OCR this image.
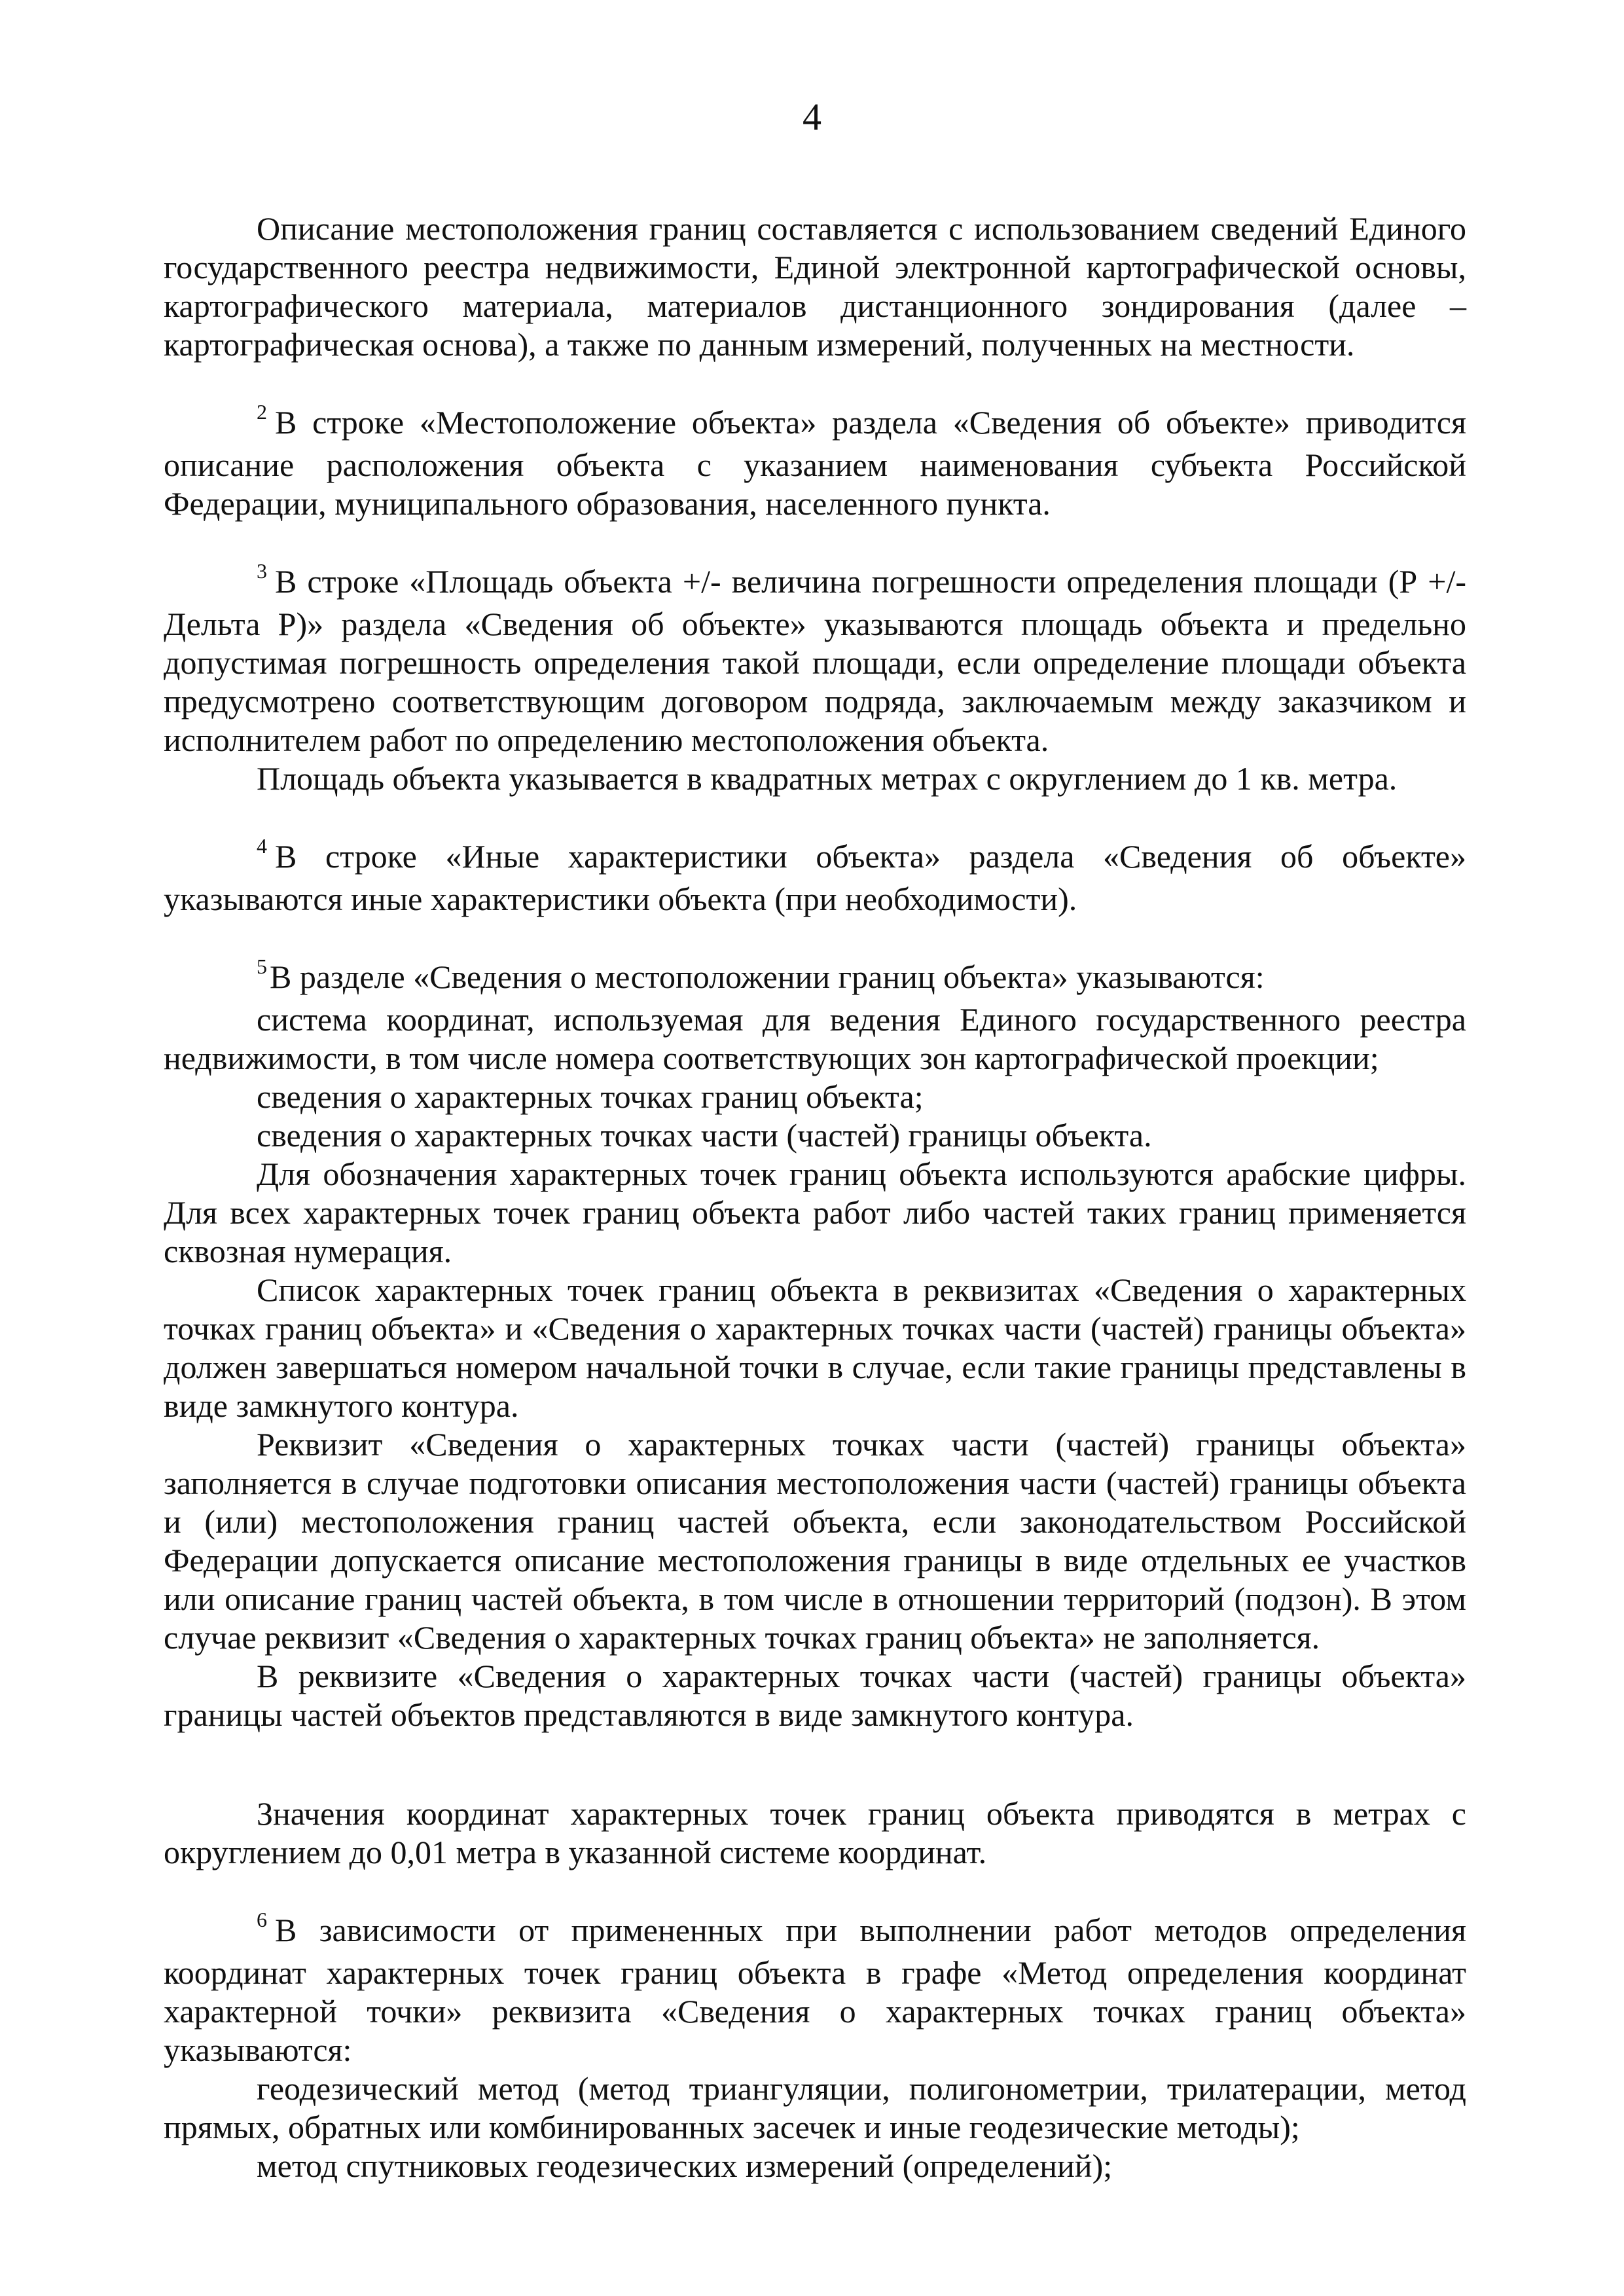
4

Описание местоположения границ составляется с использованием сведений Единого государственного реестра недвижимости, Единой электронной картографической основы, картографического материала, материалов дистанционного зондирования (далее – картографическая основа), а также по данным измерений, полученных на местности.

$^2$ В строке «Местоположение объекта» раздела «Сведения об объекте» приводится описание расположения объекта с указанием наименования субъекта Российской Федерации, муниципального образования, населенного пункта.

$^3$ В строке «Площадь объекта +/- величина погрешности определения площади (Р +/- Дельта Р)» раздела «Сведения об объекте» указываются площадь объекта и предельно допустимая погрешность определения такой площади, если определение площади объекта предусмотрено соответствующим договором подряда, заключаемым между заказчиком и исполнителем работ по определению местоположения объекта.

Площадь объекта указывается в квадратных метрах с округлением до 1 кв. метра.

$^4$ В строке «Иные характеристики объекта» раздела «Сведения об объекте» указываются иные характеристики объекта (при необходимости).

$^5$В разделе «Сведения о местоположении границ объекта» указываются:

система координат, используемая для ведения Единого государственного реестра недвижимости, в том числе номера соответствующих зон картографической проекции;

сведения о характерных точках границ объекта;

сведения о характерных точках части (частей) границы объекта.

Для обозначения характерных точек границ объекта используются арабские цифры. Для всех характерных точек границ объекта работ либо частей таких границ применяется сквозная нумерация.

Список характерных точек границ объекта в реквизитах «Сведения о характерных точках границ объекта» и «Сведения о характерных точках части (частей) границы объекта» должен завершаться номером начальной точки в случае, если такие границы представлены в виде замкнутого контура.

Реквизит «Сведения о характерных точках части (частей) границы объекта» заполняется в случае подготовки описания местоположения части (частей) границы объекта и (или) местоположения границ частей объекта, если законодательством Российской Федерации допускается описание местоположения границы в виде отдельных ее участков или описание границ частей объекта, в том числе в отношении территорий (подзон). В этом случае реквизит «Сведения о характерных точках границ объекта» не заполняется.

В реквизите «Сведения о характерных точках части (частей) границы объекта» границы частей объектов представляются в виде замкнутого контура.

Значения координат характерных точек границ объекта приводятся в метрах с округлением до 0,01 метра в указанной системе координат.

$^6$ В зависимости от примененных при выполнении работ методов определения координат характерных точек границ объекта в графе «Метод определения координат характерной точки» реквизита «Сведения о характерных точках границ объекта» указываются:

геодезический метод (метод триангуляции, полигонометрии, трилатерации, метод прямых, обратных или комбинированных засечек и иные геодезические методы);

метод спутниковых геодезических измерений (определений);
